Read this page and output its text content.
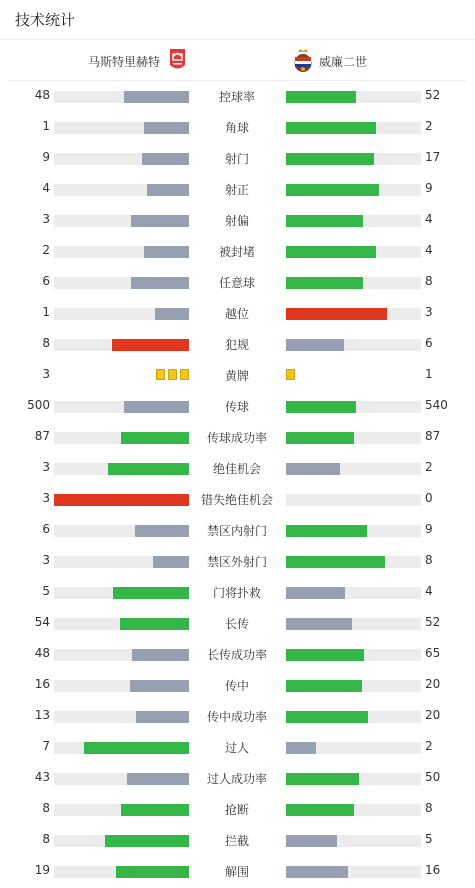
技术统计
马斯特里赫特	威廉二世
48	控球率	52
1	角球	2
9	射门	17
4	射正	9
3	射偏	4
2	被封堵	4
6	任意球	8
1	越位	3
8	犯规	6
3	黄牌	1
500	传球	540
87	传球成功率	87
3	绝佳机会	2
3	错失绝佳机会	0
6	禁区内射门	9
3	禁区外射门	8
5	门将扑救	4
54	长传	52
48	长传成功率	65
16	传中	20
13	传中成功率	20
7	过人	2
43	过人成功率	50
8	抢断	8
8	拦截	5
19	解围	16
